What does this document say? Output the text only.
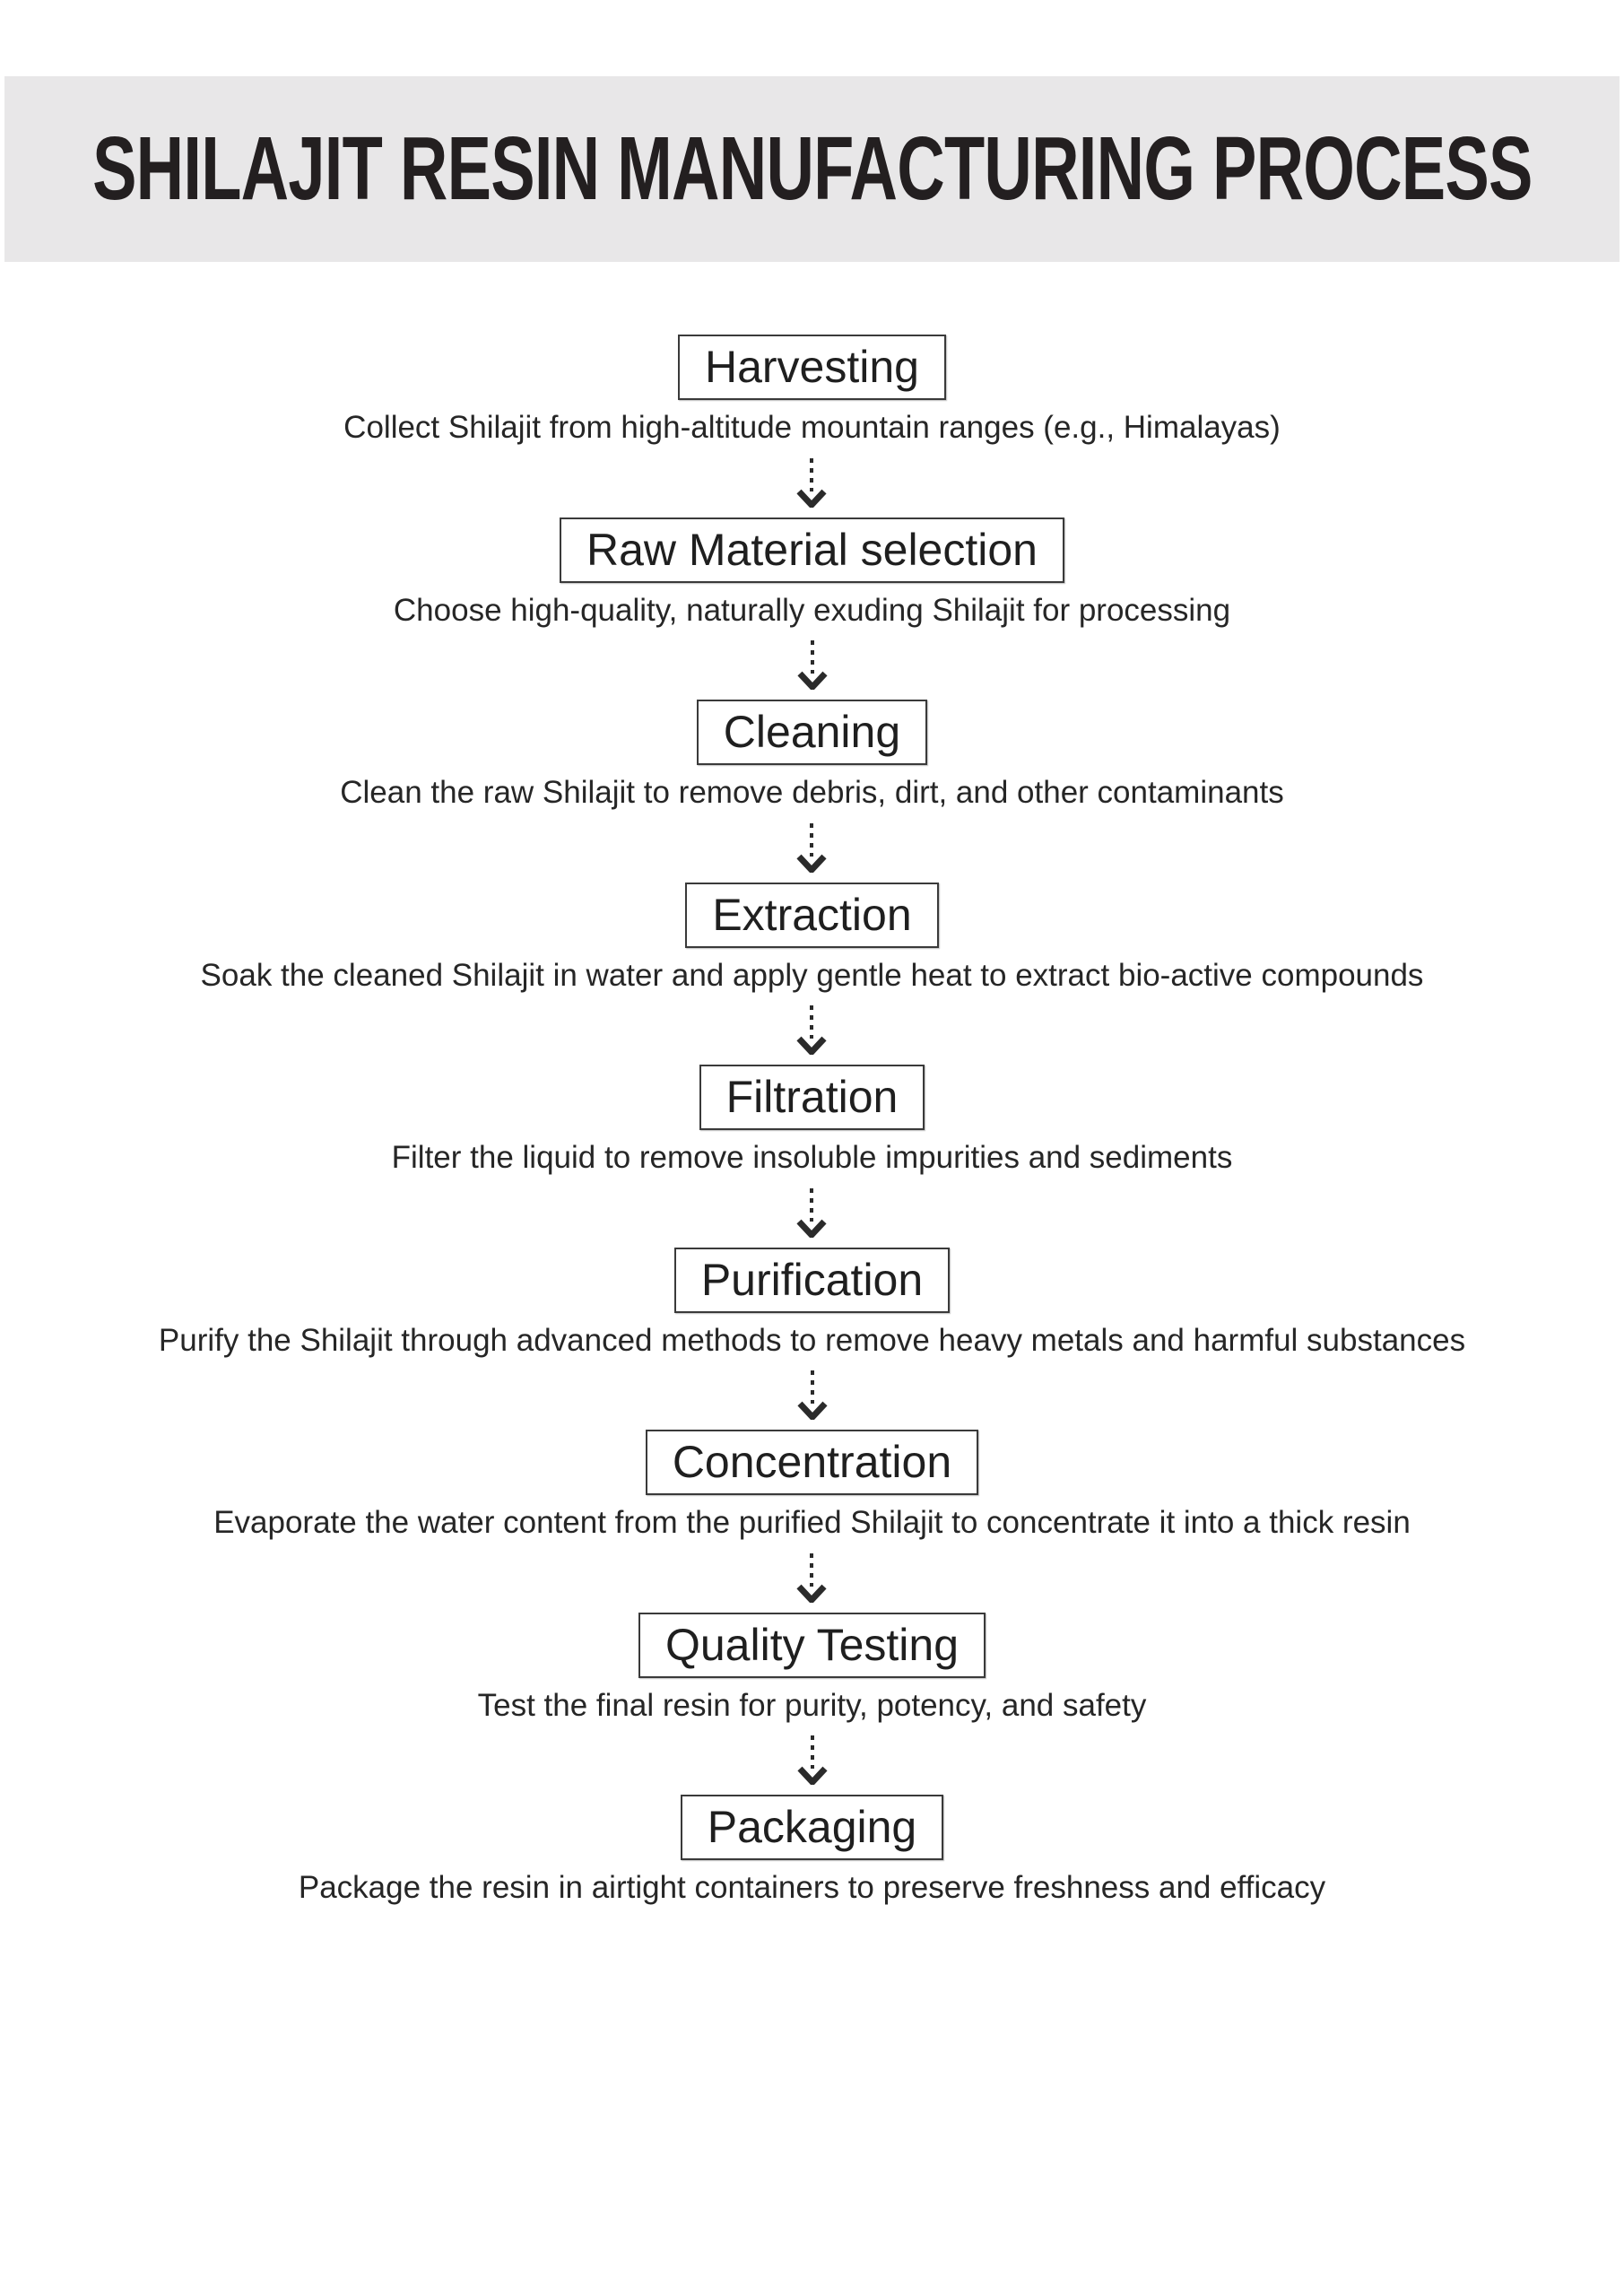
SHILAJIT RESIN MANUFACTURING PROCESS
Harvesting
Collect Shilajit from high-altitude mountain ranges (e.g., Himalayas)
Raw Material selection
Choose high-quality, naturally exuding Shilajit for processing
Cleaning
Clean the raw Shilajit to remove debris, dirt, and other contaminants
Extraction
Soak the cleaned Shilajit in water and apply gentle heat to extract bio-active compounds
Filtration
Filter the liquid to remove insoluble impurities and sediments
Purification
Purify the Shilajit through advanced methods to remove heavy metals and harmful substances
Concentration
Evaporate the water content from the purified Shilajit to concentrate it into a thick resin
Quality Testing
Test the final resin for purity, potency, and safety
Packaging
Package the resin in airtight containers to preserve freshness and efficacy
